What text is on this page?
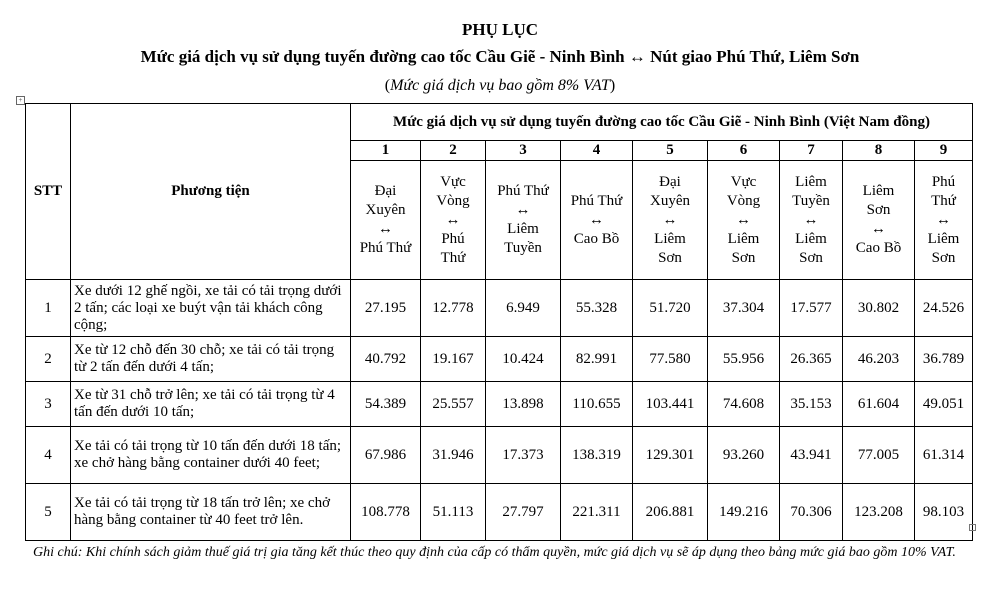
PHỤ LỤC
Mức giá dịch vụ sử dụng tuyến đường cao tốc Cầu Giẽ - Ninh Bình ↔ Nút giao Phú Thứ, Liêm Sơn
(Mức giá dịch vụ bao gồm 8% VAT)
+
STT	Phương tiện	Mức giá dịch vụ sử dụng tuyến đường cao tốc Cầu Giẽ - Ninh Bình (Việt Nam đồng)								
		1	2	3	4	5	6	7	8	9

		Đại
Xuyên
↔
Phú Thứ	Vực
Vòng
↔
Phú
Thứ	Phú Thứ
↔
Liêm
Tuyền	Phú Thứ
↔
Cao Bồ	Đại
Xuyên
↔
Liêm
Sơn	Vực
Vòng
↔
Liêm
Sơn	Liêm
Tuyền
↔
Liêm
Sơn	Liêm
Sơn
↔
Cao Bồ	Phú
Thứ
↔
Liêm
Sơn

1	Xe dưới 12 ghế ngồi, xe tải có tải trọng dưới 2 tấn; các loại xe buýt vận tải khách công cộng;	27.195	12.778	6.949	55.328	51.720	37.304	17.577	30.802	24.526
2	Xe từ 12 chỗ đến 30 chỗ; xe tải có tải trọng từ 2 tấn đến dưới 4 tấn;	40.792	19.167	10.424	82.991	77.580	55.956	26.365	46.203	36.789
3	Xe từ 31 chỗ trở lên; xe tải có tải trọng từ 4 tấn đến dưới 10 tấn;	54.389	25.557	13.898	110.655	103.441	74.608	35.153	61.604	49.051
4	Xe tải có tải trọng từ 10 tấn đến dưới 18 tấn; xe chở hàng bằng container dưới 40 feet;	67.986	31.946	17.373	138.319	129.301	93.260	43.941	77.005	61.314
5	Xe tải có tải trọng từ 18 tấn trở lên; xe chở hàng bằng container từ 40 feet trở lên.	108.778	51.113	27.797	221.311	206.881	149.216	70.306	123.208	98.103
Ghi chú: Khi chính sách giảm thuế giá trị gia tăng kết thúc theo quy định của cấp có thẩm quyền, mức giá dịch vụ sẽ áp dụng theo bảng mức giá bao gồm 10% VAT.
